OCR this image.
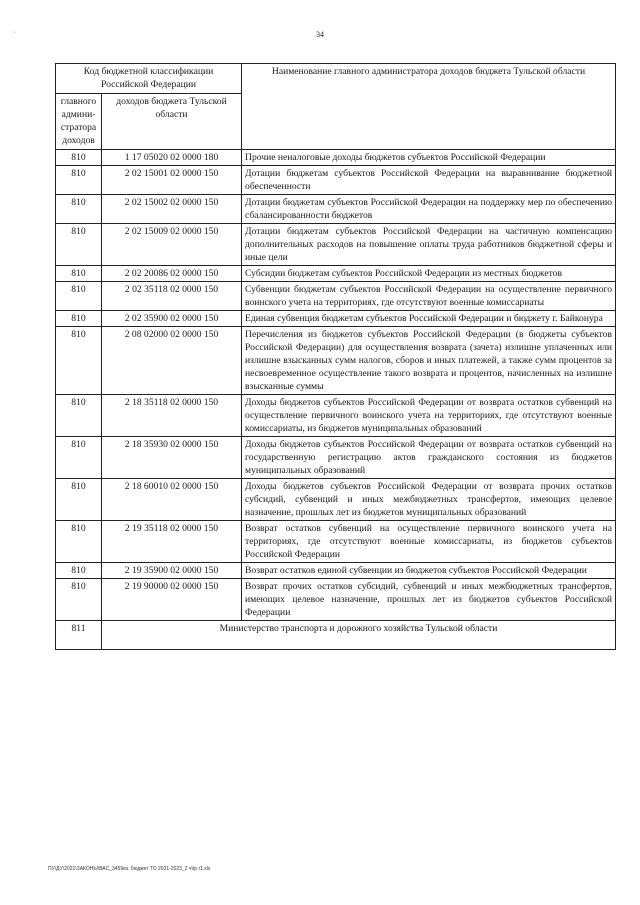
,	34
Код бюджетной классификации Российской Федерации		Наименование главного администратора доходов бюджета Тульской области
главного админи-стратора доходов	доходов бюджета Тульской области	
810	1 17 05020 02 0000 180	Прочие неналоговые доходы бюджетов субъектов Российской Федерации
810	2 02 15001 02 0000 150	Дотации бюджетам субъектов Российской Федерации на выравнивание бюджетной обеспеченности
810	2 02 15002 02 0000 150	Дотации бюджетам субъектов Российской Федерации на поддержку мер по обеспечению сбалансированности бюджетов
810	2 02 15009 02 0000 150	Дотации бюджетам субъектов Российской Федерации на частичную компенсацию дополнительных расходов на повышение оплаты труда работников бюджетной сферы и иные цели
810	2 02 20086 02 0000 150	Субсидии бюджетам субъектов Российской Федерации из местных бюджетов
810	2 02 35118 02 0000 150	Субвенции бюджетам субъектов Российской Федерации на осуществление первичного воинского учета на территориях, где отсутствуют военные комиссариаты
810	2 02 35900 02 0000 150	Единая субвенция бюджетам субъектов Российской Федерации и бюджету г. Байконура
810	2 08 02000 02 0000 150	Перечисления из бюджетов субъектов Российской Федерации (в бюджеты субъектов Российской Федерации) для осуществления возврата (зачета) излишне уплаченных или излишне взысканных сумм налогов, сборов и иных платежей, а также сумм процентов за несвоевременное осуществление такого возврата и процентов, начисленных на излишне взысканные суммы
810	2 18 35118 02 0000 150	Доходы бюджетов субъектов Российской Федерации от возврата остатков субвенций на осуществление первичного воинского учета на территориях, где отсутствуют военные комиссариаты, из бюджетов муниципальных образований
810	2 18 35930 02 0000 150	Доходы бюджетов субъектов Российской Федерации от возврата остатков субвенций на государственную регистрацию актов гражданского состояния из бюджетов муниципальных образований
810	2 18 60010 02 0000 150	Доходы бюджетов субъектов Российской Федерации от возврата прочих остатков субсидий, субвенций и иных межбюджетных трансфертов, имеющих целевое назначение, прошлых лет из бюджетов муниципальных образований
810	2 19 35118 02 0000 150	Возврат остатков субвенций на осуществление первичного воинского учета на территориях, где отсутствуют военные комиссариаты, из бюджетов субъектов Российской Федерации
810	2 19 35900 02 0000 150	Возврат остатков единой субвенции из бюджетов субъектов Российской Федерации
810	2 19 90000 02 0000 150	Возврат прочих остатков субсидий, субвенций и иных межбюджетных трансфертов, имеющих целевое назначение, прошлых лет из бюджетов субъектов Российской Федерации
811	Министерство транспорта и дорожного хозяйства Тульской области	
ПУ\ДУ\2021\ЗАКОНЫ\ВАС_3459ез. бюджет ТО 2021-2023_2 ч\Ip r1.xls
